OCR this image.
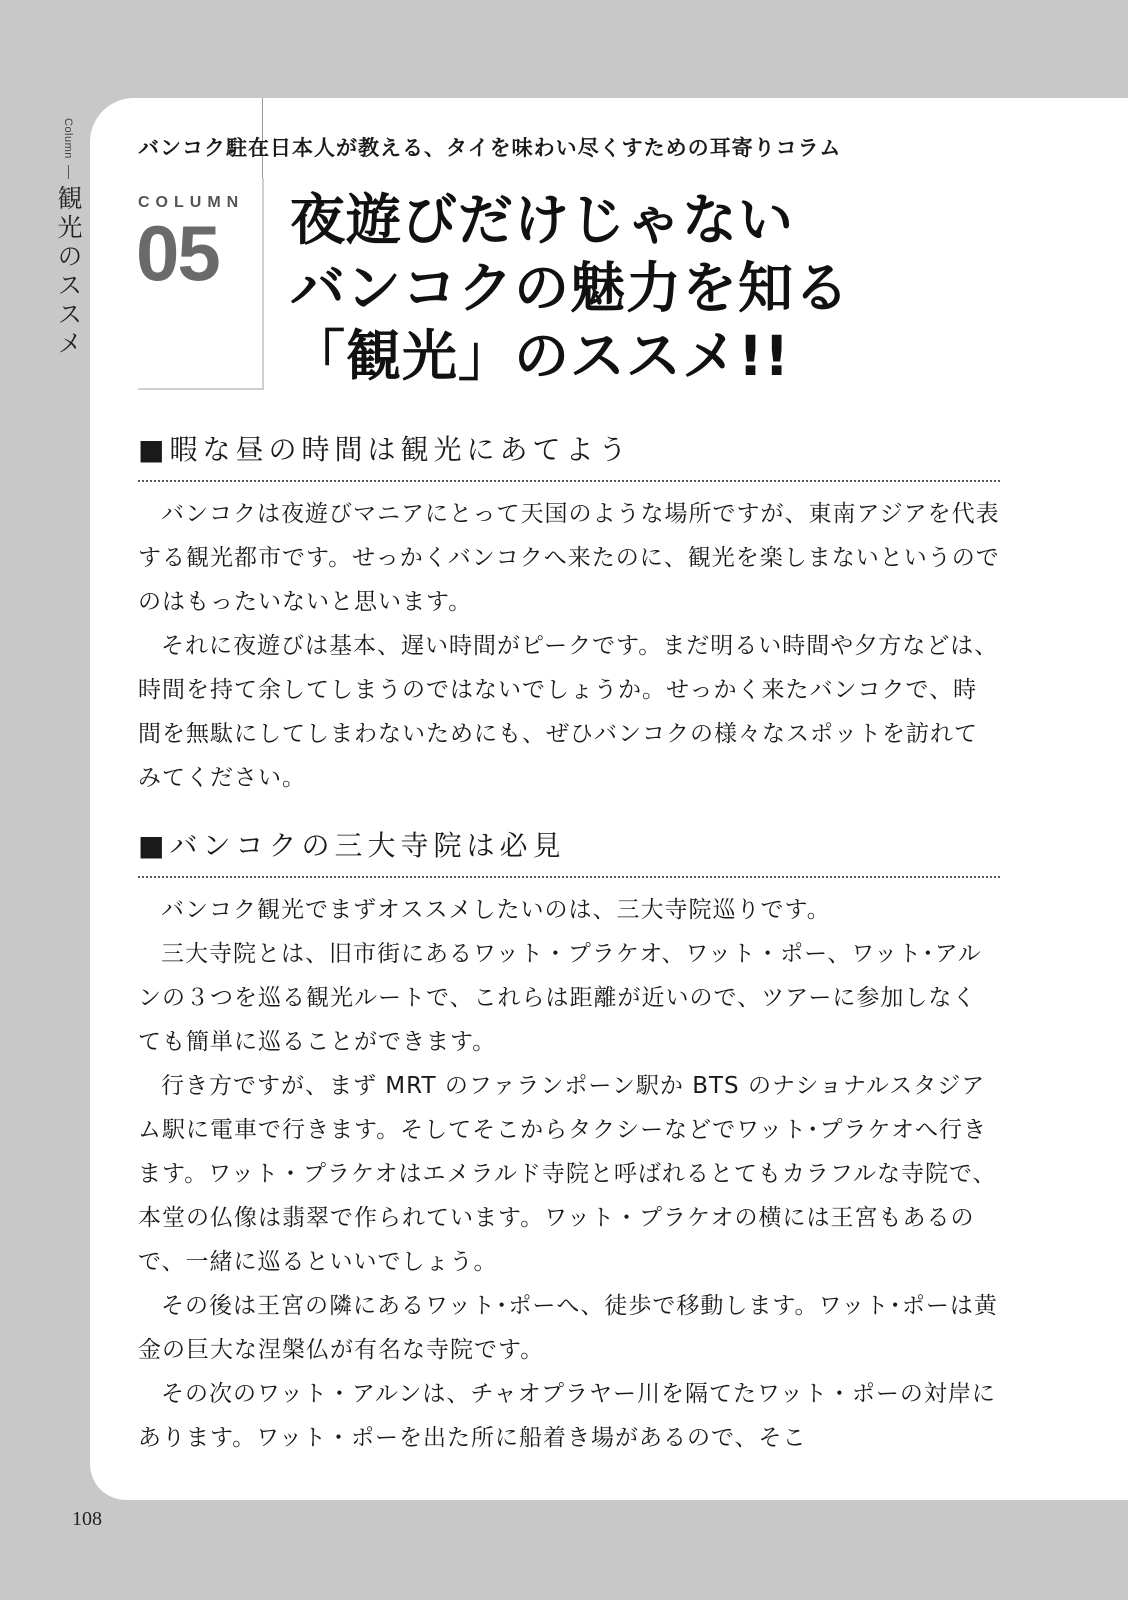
Column
観光のススメ
バンコク駐在日本人が教える、タイを味わい尽くすための耳寄りコラム
COLUMN
05 夜遊びだけじゃない
バンコクの魅力を知る
「観光」のススメ!!
■暇な昼の時間は観光にあてよう

バンコクは夜遊びマニアにとって天国のような場所ですが、東南アジアを代表する観光都市です。せっかくバンコクへ来たのに、観光を楽しまないというのでのはもったいないと思います。

それに夜遊びは基本、遅い時間がピークです。まだ明るい時間や夕方などは、時間を持て余してしまうのではないでしょうか。せっかく来たバンコクで、時間を無駄にしてしまわないためにも、ぜひバンコクの様々なスポットを訪れてみてください。

■バンコクの三大寺院は必見

バンコク観光でまずオススメしたいのは、三大寺院巡りです。

三大寺院とは、旧市街にあるワット・プラケオ、ワット・ポー、ワット･アルンの３つを巡る観光ルートで、これらは距離が近いので、ツアーに参加しなくても簡単に巡ることができます。

行き方ですが、まず MRT のファランポーン駅か BTS のナショナルスタジアム駅に電車で行きます。そしてそこからタクシーなどでワット･プラケオへ行きます。ワット・プラケオはエメラルド寺院と呼ばれるとてもカラフルな寺院で、本堂の仏像は翡翠で作られています。ワット・プラケオの横には王宮もあるので、一緒に巡るといいでしょう。

その後は王宮の隣にあるワット･ポーへ、徒歩で移動します。ワット･ポーは黄金の巨大な涅槃仏が有名な寺院です。

その次のワット・アルンは、チャオプラヤー川を隔てたワット・ポーの対岸にあります。ワット・ポーを出た所に船着き場があるので、そこ

108
